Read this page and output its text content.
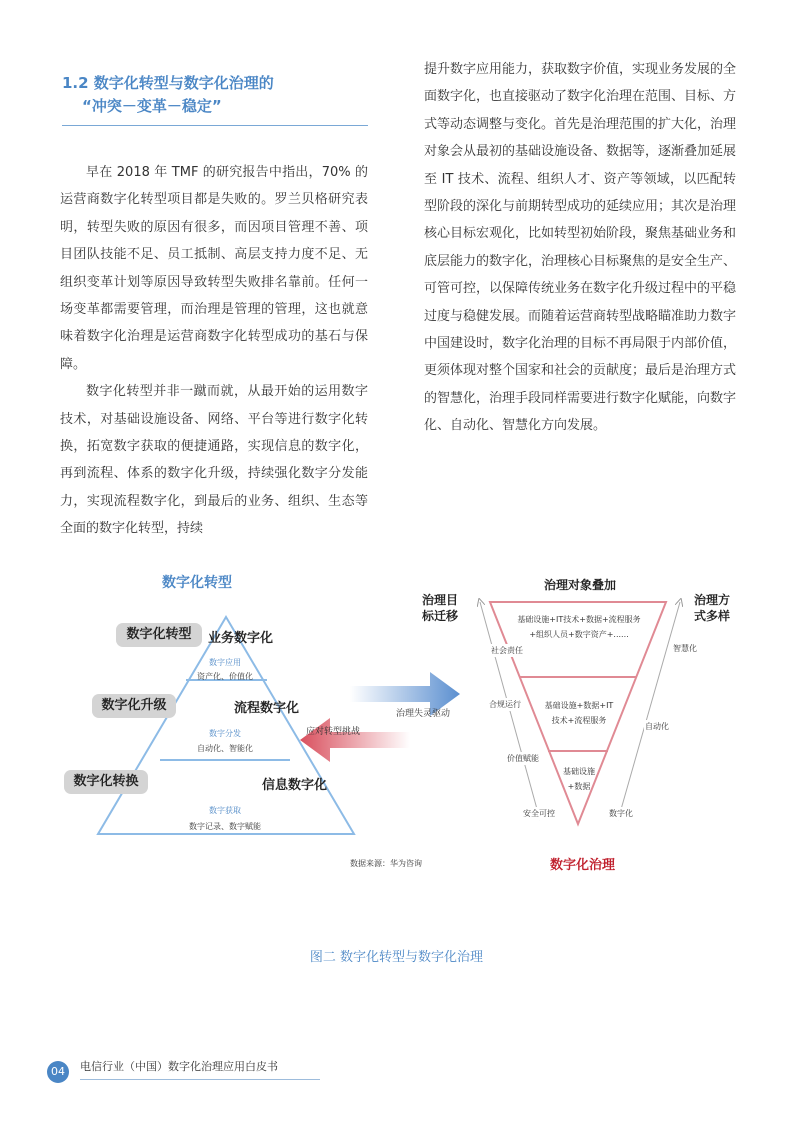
1.2 数字化转型与数字化治理的
“冲突－变革－稳定”

早在 2018 年 TMF 的研究报告中指出，70% 的运营商数字化转型项目都是失败的。罗兰贝格研究表明，转型失败的原因有很多，而因项目管理不善、项目团队技能不足、员工抵制、高层支持力度不足、无组织变革计划等原因导致转型失败排名靠前。任何一场变革都需要管理，而治理是管理的管理，这也就意味着数字化治理是运营商数字化转型成功的基石与保障。

数字化转型并非一蹴而就，从最开始的运用数字技术，对基础设施设备、网络、平台等进行数字化转换，拓宽数字获取的便捷通路，实现信息的数字化，再到流程、体系的数字化升级，持续强化数字分发能力，实现流程数字化，到最后的业务、组织、生态等全面的数字化转型，持续

提升数字应用能力，获取数字价值，实现业务发展的全面数字化，也直接驱动了数字化治理在范围、目标、方式等动态调整与变化。首先是治理范围的扩大化，治理对象会从最初的基础设施设备、数据等，逐渐叠加延展至 IT 技术、流程、组织人才、资产等领域，以匹配转型阶段的深化与前期转型成功的延续应用；其次是治理核心目标宏观化，比如转型初始阶段，聚焦基础业务和底层能力的数字化，治理核心目标聚焦的是安全生产、可管可控，以保障传统业务在数字化升级过程中的平稳过度与稳健发展。而随着运营商转型战略瞄准助力数字中国建设时，数字化治理的目标不再局限于内部价值，更须体现对整个国家和社会的贡献度；最后是治理方式的智慧化，治理手段同样需要进行数字化赋能，向数字化、自动化、智慧化方向发展。

数字化转型
数字化转型	业务数字化
数字应用
资产化、价值化
数字化升级	流程数字化
数字分发
自动化、智能化
数字化转换	信息数字化
数字获取
数字记录、数字赋能
治理失灵驱动
应对转型挑战
数据来源：华为咨询
治理对象叠加
数字化治理
治理目标迁移
治理方式多样
基础设施+IT技术+数据+流程服务+组织人员+数字资产+......
基础设施+数据+IT技术+流程服务
基础设施+数据
社会责任
合规运行
价值赋能
安全可控
智慧化
自动化
数字化
图二 数字化转型与数字化治理
04	电信行业（中国）数字化治理应用白皮书
